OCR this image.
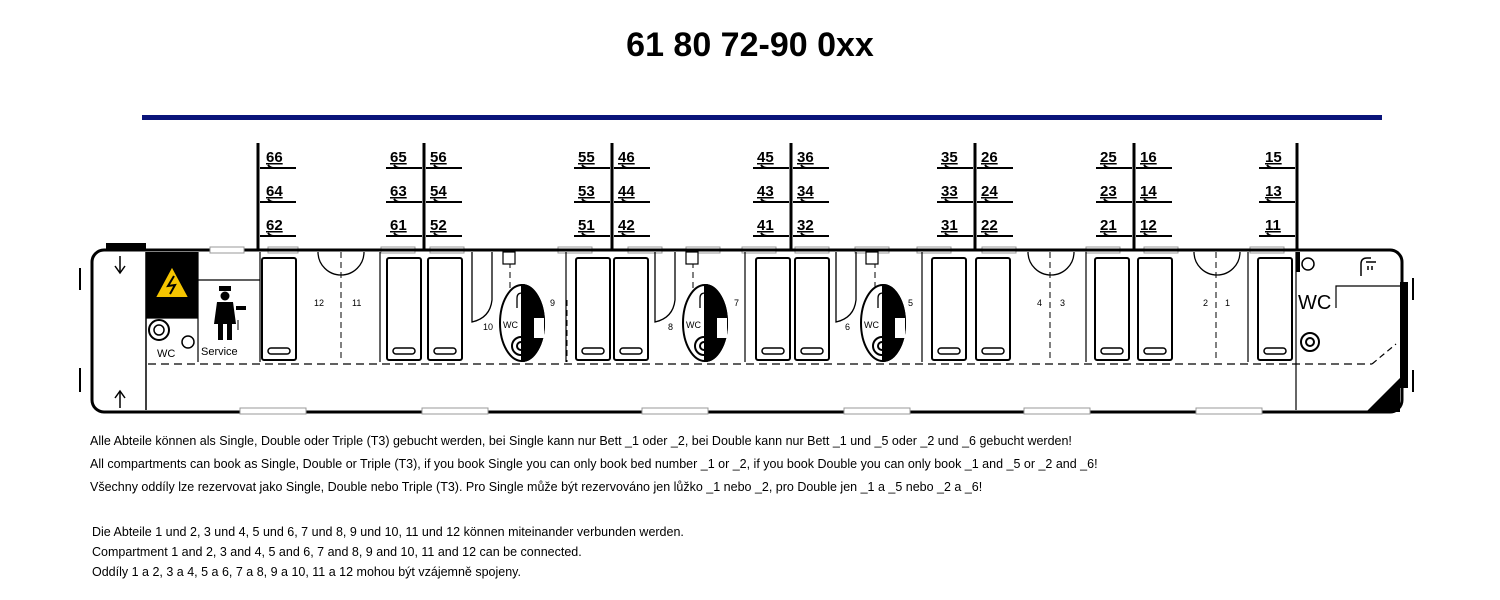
61 80 72-90 0xx
WC Service
WC	WC	WC
WC
66
64
62
65 56
63 54
61 52
55 46
53 44
51 42
45 36
43 34
41 32
35 26
33 24
31 22
25 16
23 14
21 12
15
13
11
12	11
10
9
8
7
6
5	4 3	2 1
Alle Abteile können als Single, Double oder Triple (T3) gebucht werden, bei Single kann nur Bett _1 oder _2, bei Double kann nur Bett _1 und _5 oder _2 und _6 gebucht werden!
All compartments can book as Single, Double or Triple (T3), if you book Single you can only book bed number _1 or _2, if you book Double you can only book _1 and _5 or _2 and _6!
Všechny oddíly lze rezervovat jako Single, Double nebo Triple (T3). Pro Single může být rezervováno jen lůžko _1 nebo _2, pro Double jen _1 a _5 nebo _2 a _6!
Die Abteile 1 und 2, 3 und 4, 5 und 6, 7 und 8, 9 und 10, 11 und 12 können miteinander verbunden werden.
Compartment 1 and 2, 3 and 4, 5 and 6, 7 and 8, 9 and 10, 11 and 12 can be connected.
Oddíly 1 a 2, 3 a 4, 5 a 6, 7 a 8, 9 a 10, 11 a 12 mohou být vzájemně spojeny.
